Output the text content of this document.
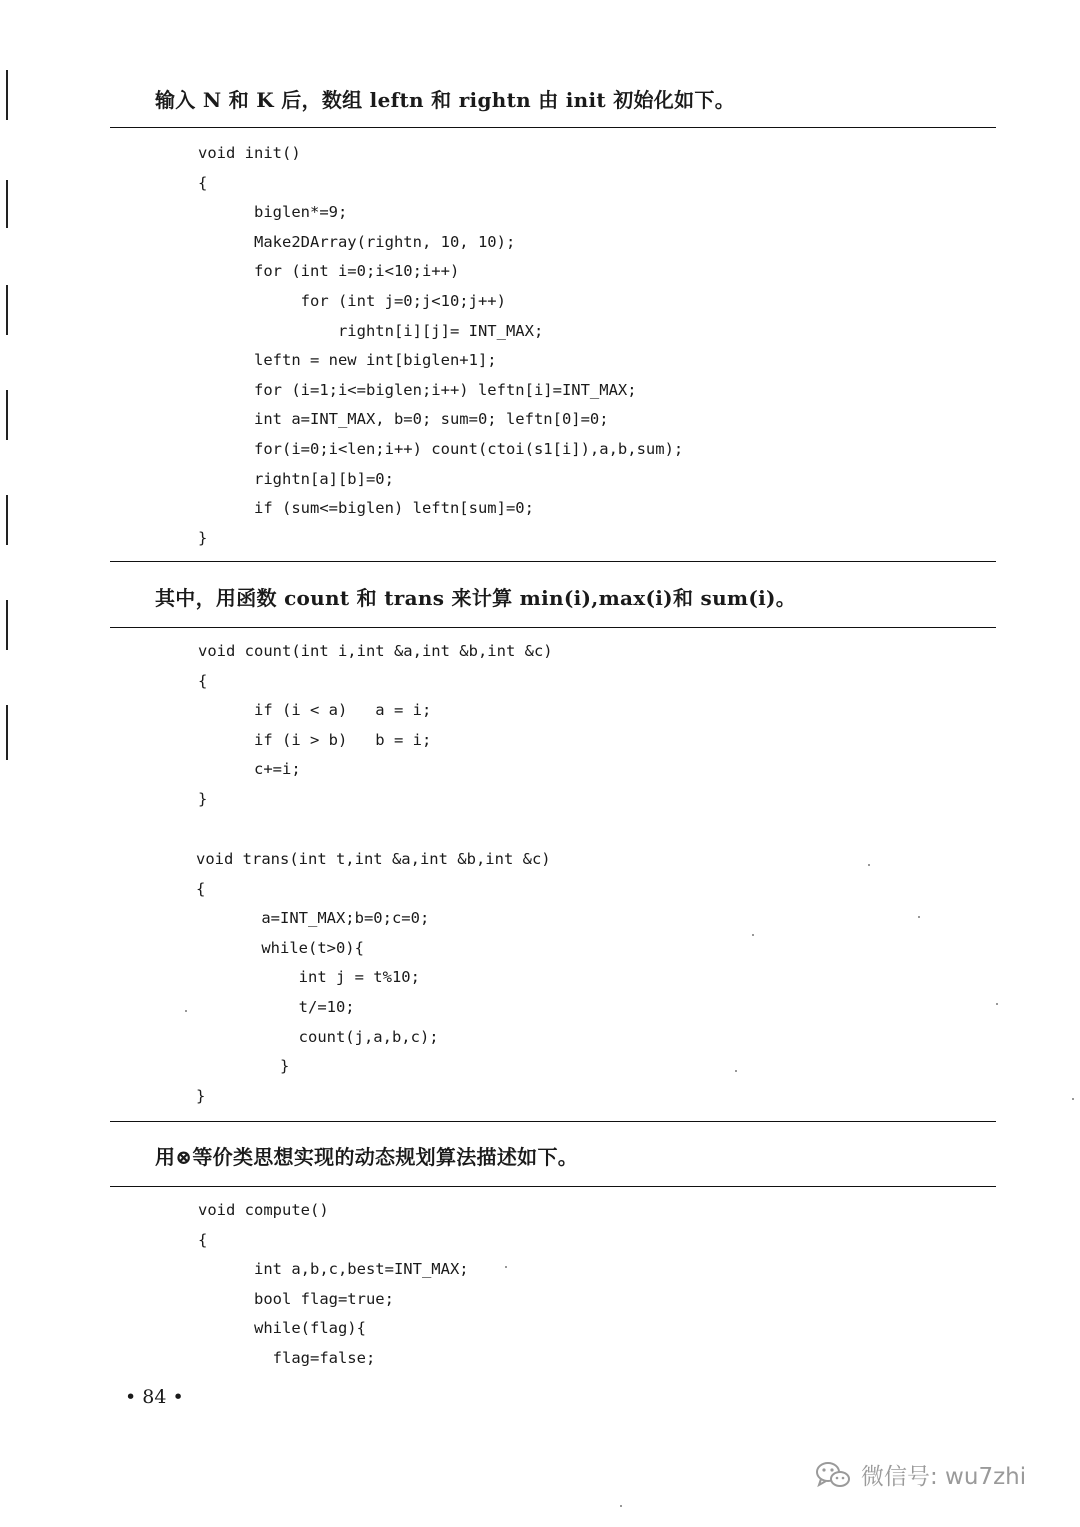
输入 N 和 K 后，数组 leftn 和 rightn 由 init 初始化如下。
void init()
{
biglen*=9;
Make2DArray(rightn, 10, 10);
for (int i=0;i<10;i++)
for (int j=0;j<10;j++)
rightn[i][j]= INT_MAX;
leftn = new int[biglen+1];
for (i=1;i<=biglen;i++) leftn[i]=INT_MAX;
int a=INT_MAX, b=0; sum=0; leftn[0]=0;
for(i=0;i<len;i++) count(ctoi(s1[i]),a,b,sum);
rightn[a][b]=0;
if (sum<=biglen) leftn[sum]=0;
}
其中，用函数 count 和 trans 来计算 min(i),max(i)和 sum(i)。
void count(int i,int &a,int &b,int &c)
{
if (i < a)   a = i;
if (i > b)   b = i;
c+=i;
}
void trans(int t,int &a,int &b,int &c)
{
a=INT_MAX;b=0;c=0;
while(t>0){
int j = t%10;
t/=10;
count(j,a,b,c);
}
}
用⊗等价类思想实现的动态规划算法描述如下。
void compute()
{
int a,b,c,best=INT_MAX;
bool flag=true;
while(flag){
flag=false;
• 84 •
微信号: wu7zhi
